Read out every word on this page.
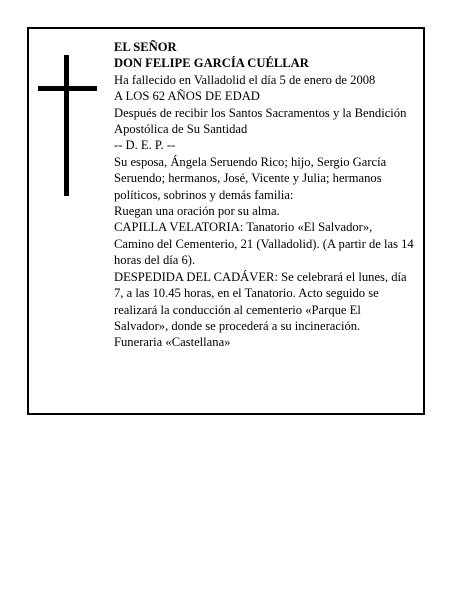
EL SEÑOR

DON FELIPE GARCÍA CUÉLLAR

Ha fallecido en Valladolid el día 5 de enero de 2008

A LOS 62 AÑOS DE EDAD

Después de recibir los Santos Sacramentos y la Bendición Apostólica de Su Santidad

-- D. E. P. --

Su esposa, Ángela Seruendo Rico; hijo, Sergio García Seruendo; hermanos, José, Vicente y Julia; hermanos políticos, sobrinos y demás familia:

Ruegan una oración por su alma.

CAPILLA VELATORIA: Tanatorio «El Salvador», Camino del Cementerio, 21 (Valladolid). (A partir de las 14 horas del día 6).

DESPEDIDA DEL CADÁVER: Se celebrará el lunes, día 7, a las 10.45 horas, en el Tanatorio. Acto seguido se realizará la conducción al cementerio «Parque El Salvador», donde se procederá a su incineración.

Funeraria «Castellana»
